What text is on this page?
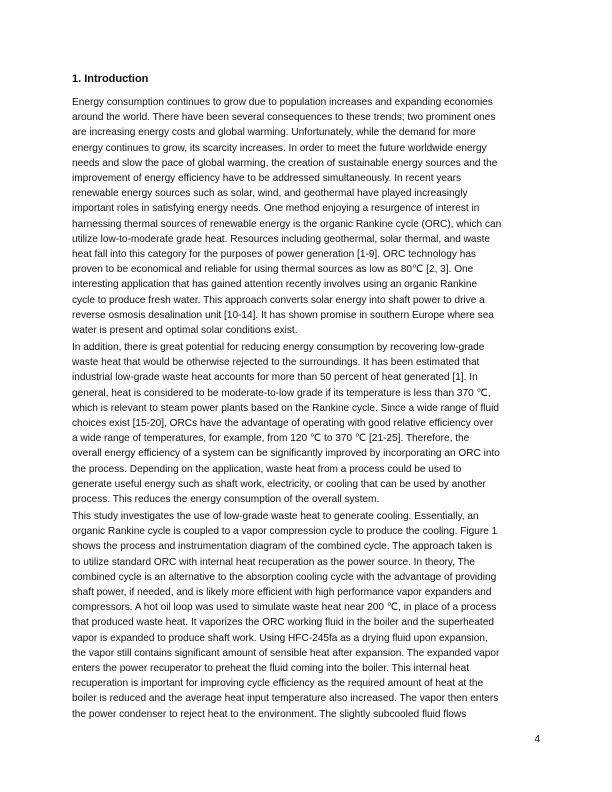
1. Introduction

Energy consumption continues to grow due to population increases and expanding economies
around the world. There have been several consequences to these trends; two prominent ones
are increasing energy costs and global warming. Unfortunately, while the demand for more
energy continues to grow, its scarcity increases. In order to meet the future worldwide energy
needs and slow the pace of global warming, the creation of sustainable energy sources and the
improvement of energy efficiency have to be addressed simultaneously. In recent years
renewable energy sources such as solar, wind, and geothermal have played increasingly
important roles in satisfying energy needs. One method enjoying a resurgence of interest in
harnessing thermal sources of renewable energy is the organic Rankine cycle (ORC), which can
utilize low-to-moderate grade heat. Resources including geothermal, solar thermal, and waste
heat fall into this category for the purposes of power generation [1-9]. ORC technology has
proven to be economical and reliable for using thermal sources as low as 80℃ [2, 3]. One
interesting application that has gained attention recently involves using an organic Rankine
cycle to produce fresh water. This approach converts solar energy into shaft power to drive a
reverse osmosis desalination unit [10-14]. It has shown promise in southern Europe where sea
water is present and optimal solar conditions exist.

In addition, there is great potential for reducing energy consumption by recovering low-grade
waste heat that would be otherwise rejected to the surroundings. It has been estimated that
industrial low-grade waste heat accounts for more than 50 percent of heat generated [1]. In
general, heat is considered to be moderate-to-low grade if its temperature is less than 370 ℃,
which is relevant to steam power plants based on the Rankine cycle. Since a wide range of fluid
choices exist [15-20], ORCs have the advantage of operating with good relative efficiency over
a wide range of temperatures, for example, from 120 ℃ to 370 ℃ [21-25]. Therefore, the
overall energy efficiency of a system can be significantly improved by incorporating an ORC into
the process. Depending on the application, waste heat from a process could be used to
generate useful energy such as shaft work, electricity, or cooling that can be used by another
process. This reduces the energy consumption of the overall system.

This study investigates the use of low-grade waste heat to generate cooling. Essentially, an
organic Rankine cycle is coupled to a vapor compression cycle to produce the cooling. Figure 1
shows the process and instrumentation diagram of the combined cycle. The approach taken is
to utilize standard ORC with internal heat recuperation as the power source. In theory, The
combined cycle is an alternative to the absorption cooling cycle with the advantage of providing
shaft power, if needed, and is likely more efficient with high performance vapor expanders and
compressors. A hot oil loop was used to simulate waste heat near 200 ℃, in place of a process
that produced waste heat. It vaporizes the ORC working fluid in the boiler and the superheated
vapor is expanded to produce shaft work. Using HFC-245fa as a drying fluid upon expansion,
the vapor still contains significant amount of sensible heat after expansion. The expanded vapor
enters the power recuperator to preheat the fluid coming into the boiler. This internal heat
recuperation is important for improving cycle efficiency as the required amount of heat at the
boiler is reduced and the average heat input temperature also increased. The vapor then enters
the power condenser to reject heat to the environment. The slightly subcooled fluid flows

4
